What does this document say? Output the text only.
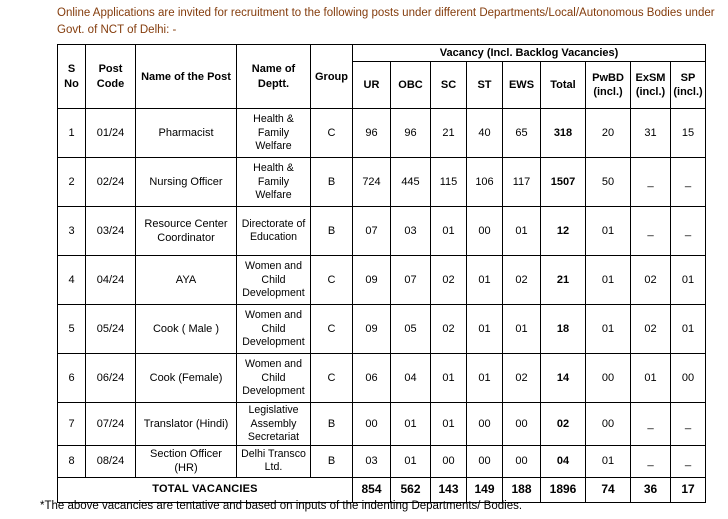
Online Applications are invited for recruitment to the following posts under different Departments/Local/Autonomous Bodies under Govt. of NCT of Delhi: -

S No	Post Code	Name of the Post	Name of Deptt.	Group	Vacancy (Incl. Backlog Vacancies)								
					UR	OBC	SC	ST	EWS	Total	PwBD (incl.)	ExSM (incl.)	SP (incl.)
1	01/24	Pharmacist	Health & Family Welfare	C	96	96	21	40	65	318	20	31	15
2	02/24	Nursing Officer	Health & Family Welfare	B	724	445	115	106	117	1507	50	_	_
3	03/24	Resource Center Coordinator	Directorate of Education	B	07	03	01	00	01	12	01	_	_
4	04/24	AYA	Women and Child Development	C	09	07	02	01	02	21	01	02	01
5	05/24	Cook ( Male )	Women and Child Development	C	09	05	02	01	01	18	01	02	01
6	06/24	Cook (Female)	Women and Child Development	C	06	04	01	01	02	14	00	01	00
7	07/24	Translator (Hindi)	Legislative Assembly Secretariat	B	00	01	01	00	00	02	00	_	_
8	08/24	Section Officer (HR)	Delhi Transco Ltd.	B	03	01	00	00	00	04	01	_	_
TOTAL VACANCIES					854	562	143	149	188	1896	74	36	17

*The above vacancies are tentative and based on inputs of the indenting Departments/ Bodies.
